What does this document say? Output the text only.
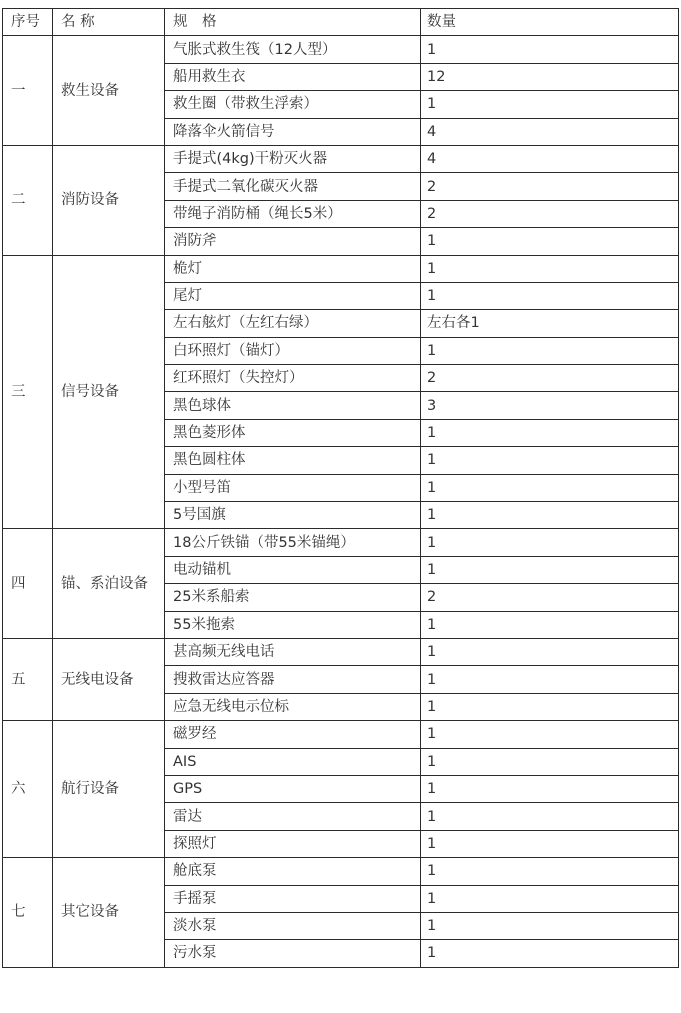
序号	名 称	规　格	数量
一	救生设备	气胀式救生筏（12人型）	1
		船用救生衣	12
		救生圈（带救生浮索）	1
		降落伞火箭信号	4
二	消防设备	手提式(4kg)干粉灭火器	4
		手提式二氧化碳灭火器	2
		带绳子消防桶（绳长5米）	2
		消防斧	1
三	信号设备	桅灯	1
		尾灯	1
		左右舷灯（左红右绿）	左右各1
		白环照灯（锚灯）	1
		红环照灯（失控灯）	2
		黑色球体	3
		黑色菱形体	1
		黑色圆柱体	1
		小型号笛	1
		5号国旗	1
四	锚、系泊设备	18公斤铁锚（带55米锚绳）	1
		电动锚机	1
		25米系船索	2
		55米拖索	1
五	无线电设备	甚高频无线电话	1
		搜救雷达应答器	1
		应急无线电示位标	1
六	航行设备	磁罗经	1
		AIS	1
		GPS	1
		雷达	1
		探照灯	1
七	其它设备	舱底泵	1
		手摇泵	1
		淡水泵	1
		污水泵	1
